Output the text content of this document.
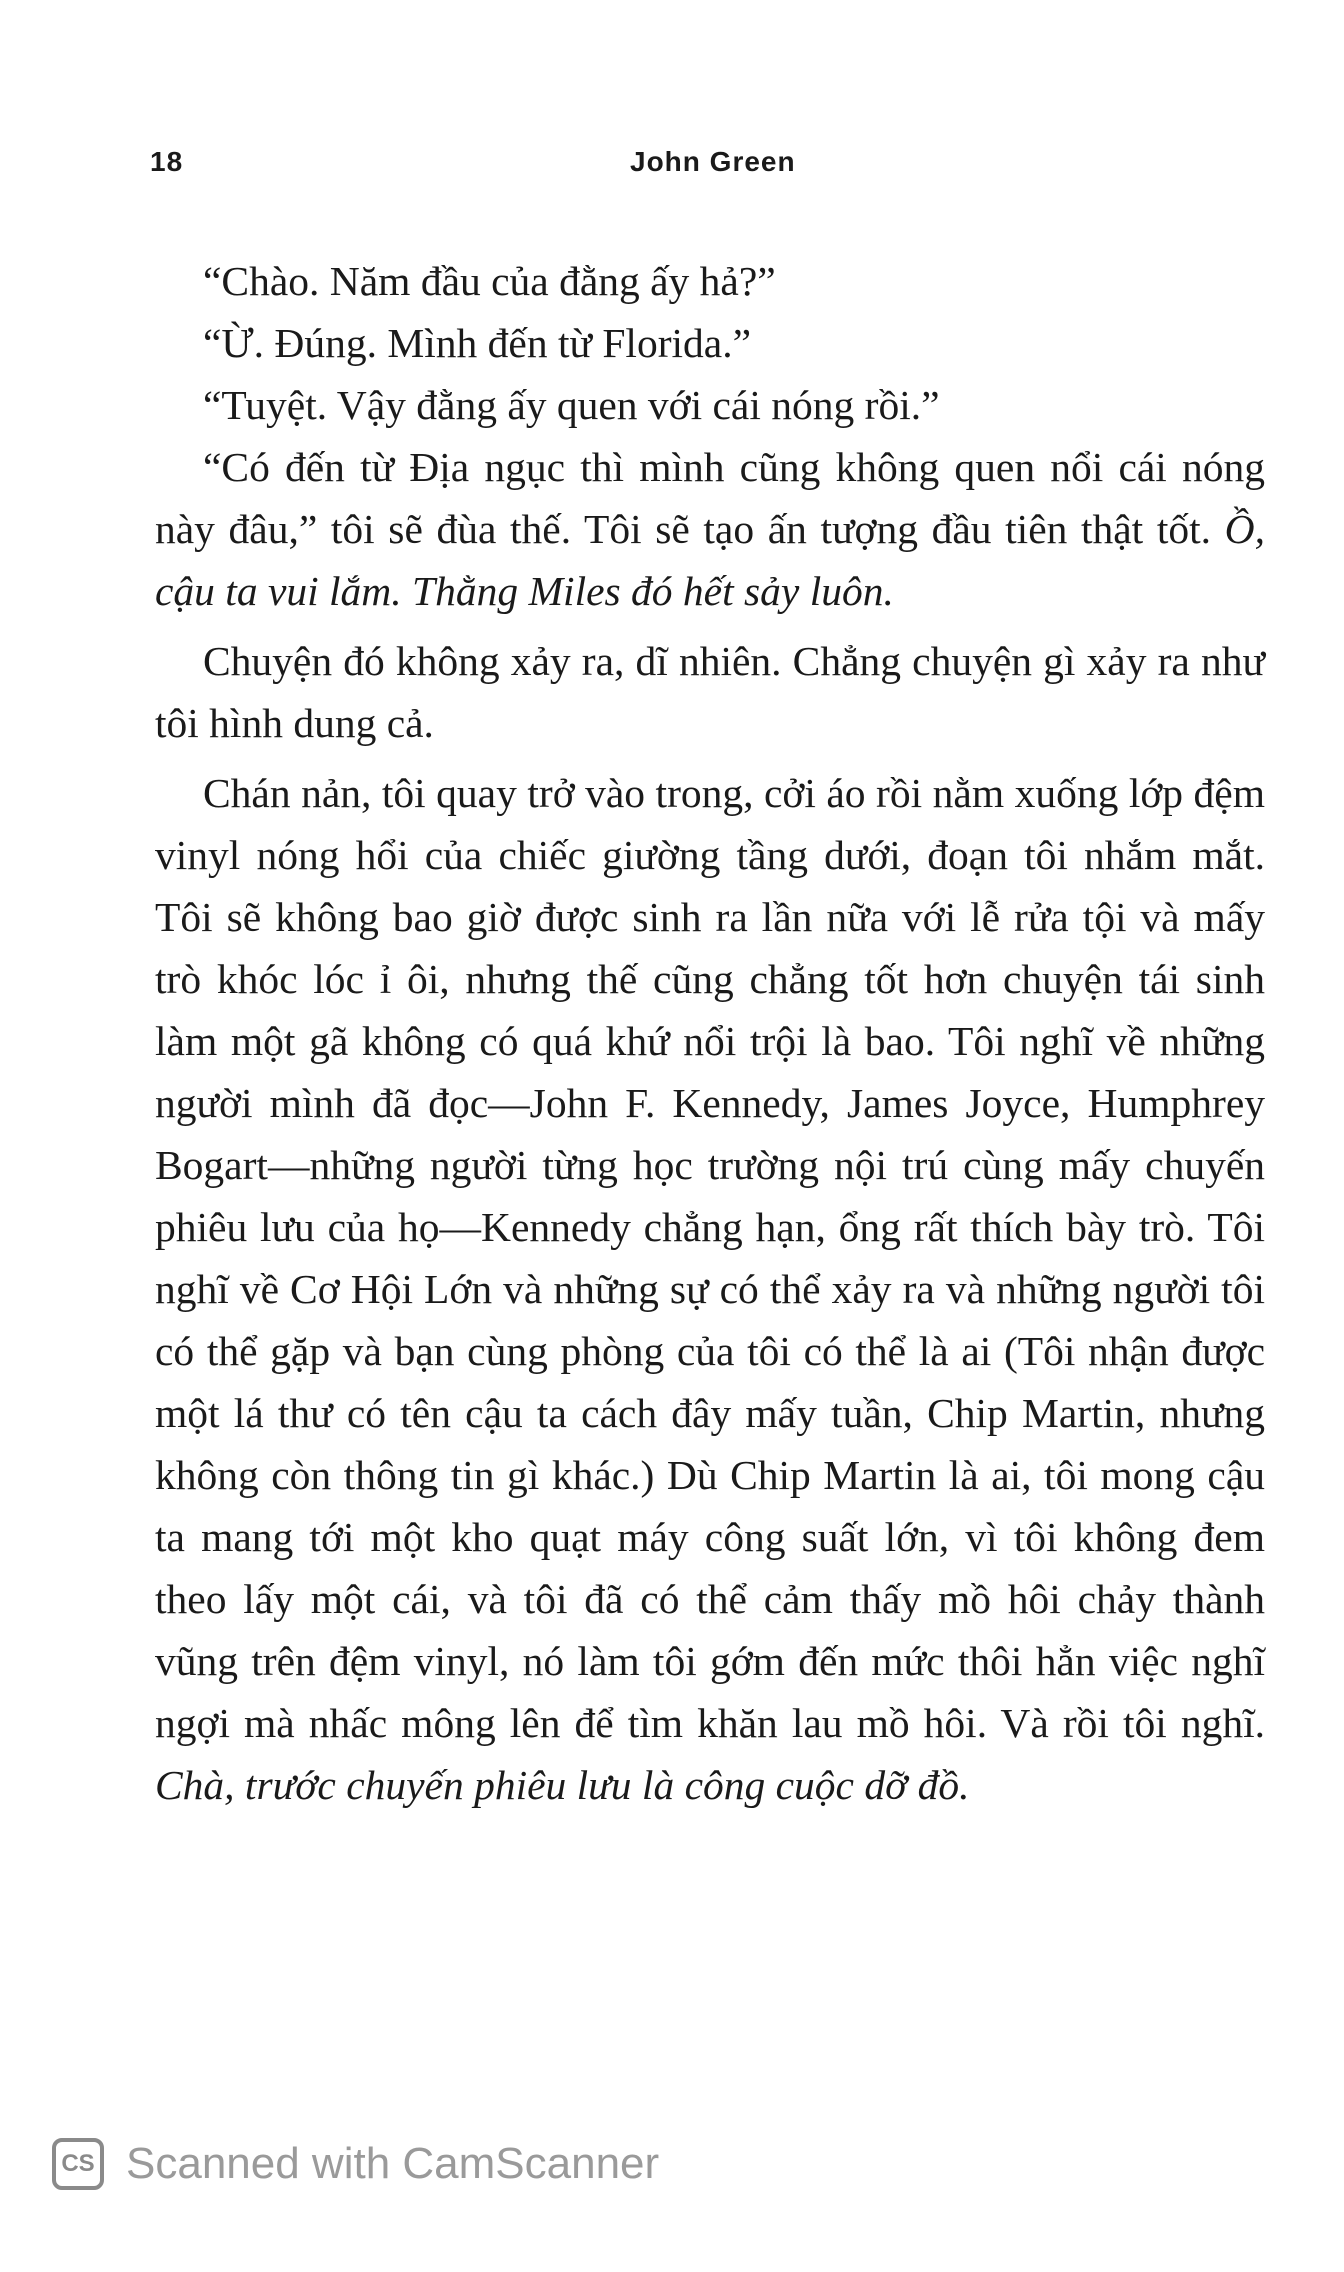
18	John Green

“Chào. Năm đầu của đằng ấy hả?”

“Ừ. Đúng. Mình đến từ Florida.”

“Tuyệt. Vậy đằng ấy quen với cái nóng rồi.”

“Có đến từ Địa ngục thì mình cũng không quen nổi cái nóng này đâu,” tôi sẽ đùa thế. Tôi sẽ tạo ấn tượng đầu tiên thật tốt. Ồ, cậu ta vui lắm. Thằng Miles đó hết sảy luôn.

Chuyện đó không xảy ra, dĩ nhiên. Chẳng chuyện gì xảy ra như tôi hình dung cả.

Chán nản, tôi quay trở vào trong, cởi áo rồi nằm xuống lớp đệm vinyl nóng hổi của chiếc giường tầng dưới, đoạn tôi nhắm mắt. Tôi sẽ không bao giờ được sinh ra lần nữa với lễ rửa tội và mấy trò khóc lóc ỉ ôi, nhưng thế cũng chẳng tốt hơn chuyện tái sinh làm một gã không có quá khứ nổi trội là bao. Tôi nghĩ về những người mình đã đọc—John F. Kennedy, James Joyce, Humphrey Bogart—những người từng học trường nội trú cùng mấy chuyến phiêu lưu của họ—Kennedy chẳng hạn, ổng rất thích bày trò. Tôi nghĩ về Cơ Hội Lớn và những sự có thể xảy ra và những người tôi có thể gặp và bạn cùng phòng của tôi có thể là ai (Tôi nhận được một lá thư có tên cậu ta cách đây mấy tuần, Chip Martin, nhưng không còn thông tin gì khác.) Dù Chip Martin là ai, tôi mong cậu ta mang tới một kho quạt máy công suất lớn, vì tôi không đem theo lấy một cái, và tôi đã có thể cảm thấy mồ hôi chảy thành vũng trên đệm vinyl, nó làm tôi gớm đến mức thôi hẳn việc nghĩ ngợi mà nhấc mông lên để tìm khăn lau mồ hôi. Và rồi tôi nghĩ. Chà, trước chuyến phiêu lưu là công cuộc dỡ đồ.

CS Scanned with CamScanner
